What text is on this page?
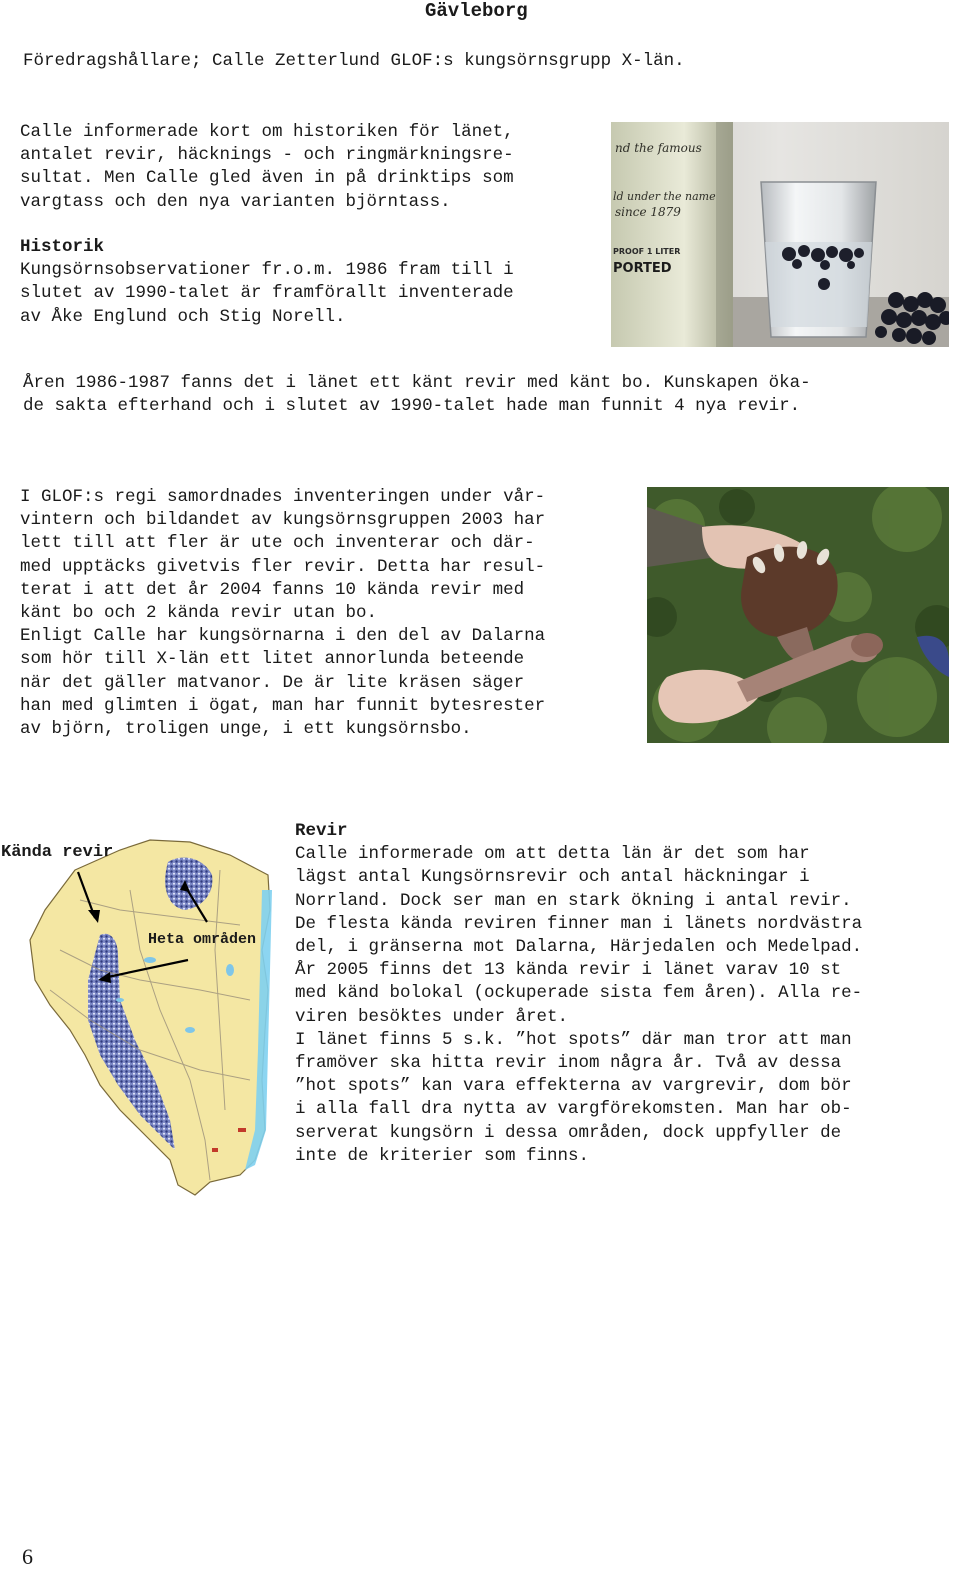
Gävleborg
Föredragshållare; Calle Zetterlund GLOF:s kungsörnsgrupp X-län.
Calle informerade kort om historiken för länet,
antalet revir, häcknings - och ringmärkningsre-
sultat. Men Calle gled även in på drinktips som
vargtass och den nya varianten björntass.
Historik
Kungsörnsobservationer fr.o.m. 1986 fram till i
slutet av 1990-talet är framförallt inventerade
av Åke Englund och Stig Norell.
nd the famous
since 1879
ld under the name
PROOF 1 LITER
PORTED
Åren 1986-1987 fanns det i länet ett känt revir med känt bo. Kunskapen öka-
de sakta efterhand och i slutet av 1990-talet hade man funnit 4 nya revir.
I GLOF:s regi samordnades inventeringen under vår-
vintern och bildandet av kungsörnsgruppen 2003 har
lett till att fler är ute och inventerar och där-
med upptäcks givetvis fler revir. Detta har resul-
terat i att det år 2004 fanns 10 kända revir med
känt bo och 2 kända revir utan bo.
Enligt Calle har kungsörnarna i den del av Dalarna
som hör till X-län ett litet annorlunda beteende
när det gäller matvanor. De är lite kräsen säger
han med glimten i ögat, man har funnit bytesrester
av björn, troligen unge, i ett kungsörnsbo.
Kända revir
Heta områden
Revir
Calle informerade om att detta län är det som har
lägst antal Kungsörnsrevir och antal häckningar i
Norrland. Dock ser man en stark ökning i antal revir.
De flesta kända reviren finner man i länets nordvästra
del, i gränserna mot Dalarna, Härjedalen och Medelpad.
År 2005 finns det 13 kända revir i länet varav 10 st
med känd bolokal (ockuperade sista fem åren). Alla re-
viren besöktes under året.
I länet finns 5 s.k. ”hot spots” där man tror att man
framöver ska hitta revir inom några år. Två av dessa
”hot spots” kan vara effekterna av vargrevir, dom bör
i alla fall dra nytta av vargförekomsten. Man har ob-
serverat kungsörn i dessa områden, dock uppfyller de
inte de kriterier som finns.
6
